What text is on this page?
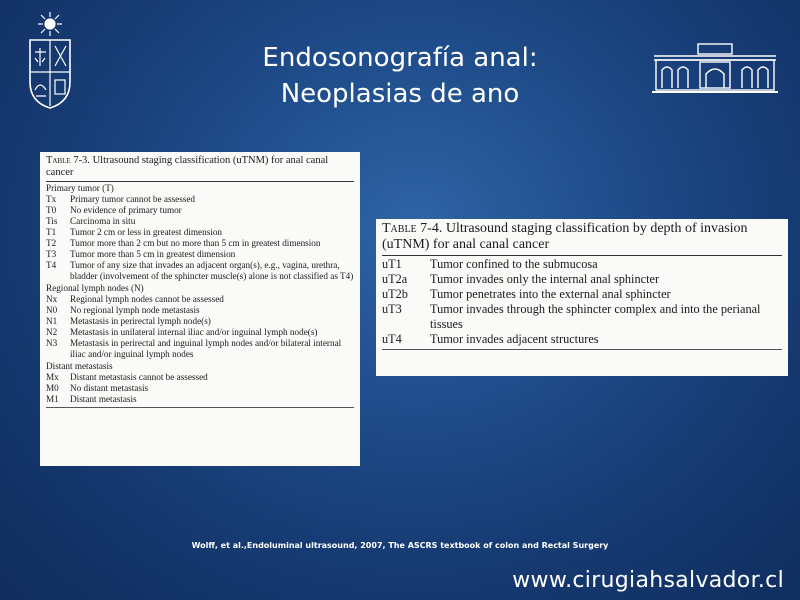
Endosonografía anal:
Neoplasias de ano
Table 7-3. Ultrasound staging classification (uTNM) for anal canal cancer
Primary tumor (T)
Tx	Primary tumor cannot be assessed
T0	No evidence of primary tumor
Tis	Carcinoma in situ
T1	Tumor 2 cm or less in greatest dimension
T2	Tumor more than 2 cm but no more than 5 cm in greatest dimension
T3	Tumor more than 5 cm in greatest dimension
T4	Tumor of any size that invades an adjacent organ(s), e.g., vagina, urethra, bladder (involvement of the sphincter muscle(s) alone is not classified as T4)
Regional lymph nodes (N)
Nx	Regional lymph nodes cannot be assessed
N0	No regional lymph node metastasis
N1	Metastasis in perirectal lymph node(s)
N2	Metastasis in unilateral internal iliac and/or inguinal lymph node(s)
N3	Metastasis in perirectal and inguinal lymph nodes and/or bilateral internal iliac and/or inguinal lymph nodes
Distant metastasis
Mx	Distant metastasis cannot be assessed
M0	No distant metastasis
M1	Distant metastasis
Table 7-4. Ultrasound staging classification by depth of invasion (uTNM) for anal canal cancer
uT1	Tumor confined to the submucosa
uT2a	Tumor invades only the internal anal sphincter
uT2b	Tumor penetrates into the external anal sphincter
uT3	Tumor invades through the sphincter complex and into the perianal tissues
uT4	Tumor invades adjacent structures
Wolff, et al.,Endoluminal ultrasound, 2007, The ASCRS textbook of colon and Rectal Surgery
www.cirugiahsalvador.cl
